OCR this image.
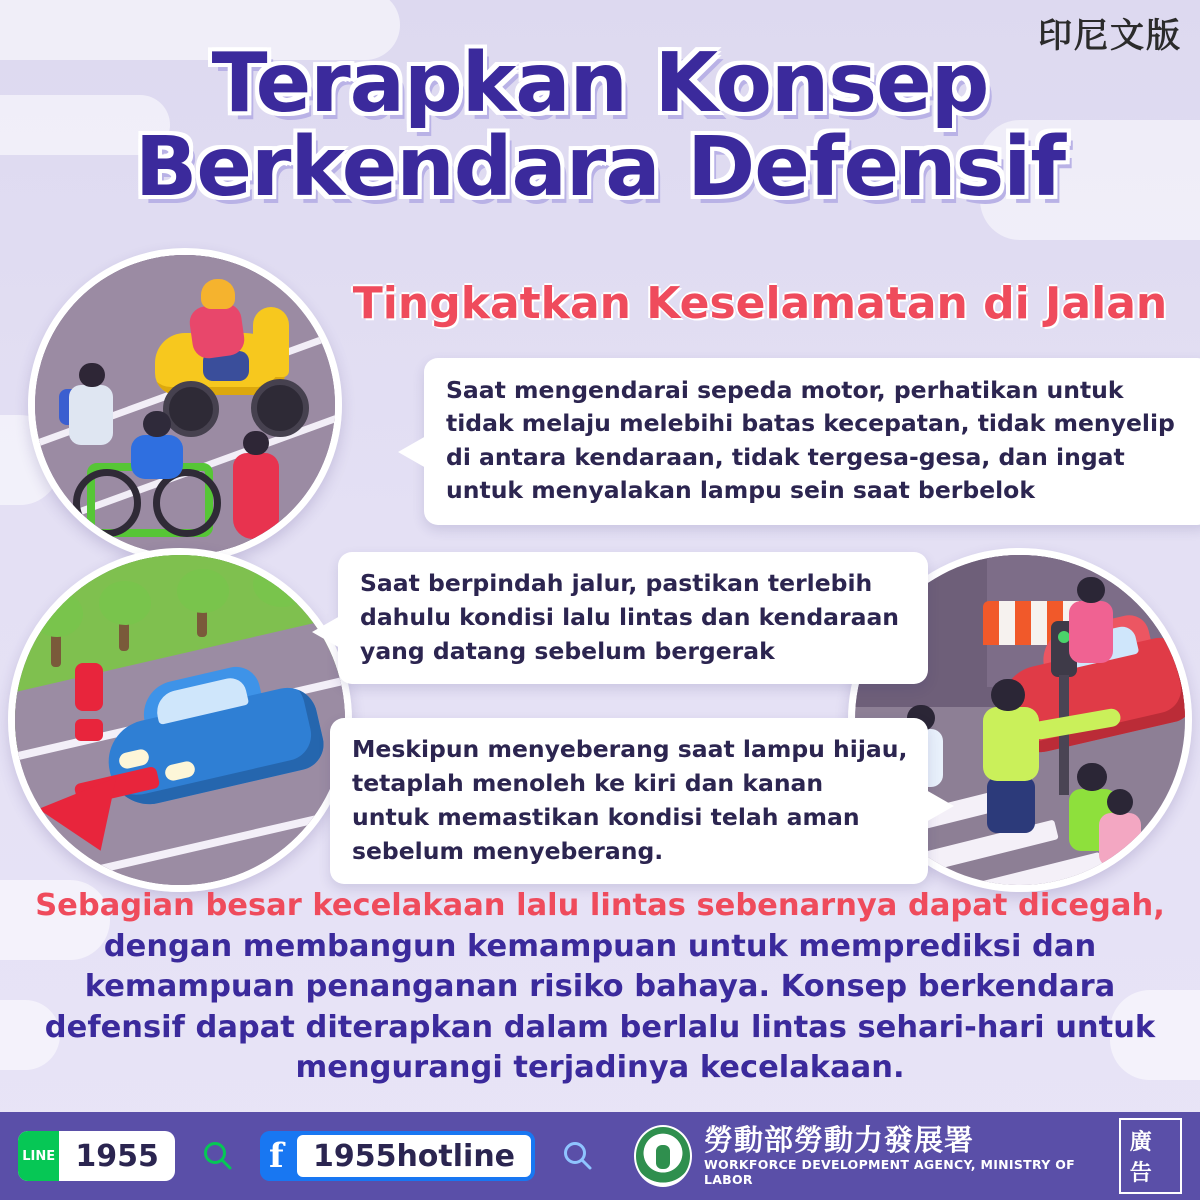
印尼文版
Terapkan Konsep
Berkendara Defensif
Tingkatkan Keselamatan di Jalan
Saat mengendarai sepeda motor, perhatikan untuk tidak melaju melebihi batas kecepatan, tidak menyelip di antara kendaraan, tidak tergesa-gesa, dan ingat untuk menyalakan lampu sein saat berbelok
Saat berpindah jalur, pastikan terlebih dahulu kondisi lalu lintas dan kendaraan yang datang sebelum bergerak
Meskipun menyeberang saat lampu hijau, tetaplah menoleh ke kiri dan kanan untuk memastikan kondisi telah aman sebelum menyeberang.
Sebagian besar kecelakaan lalu lintas sebenarnya dapat dicegah, dengan membangun kemampuan untuk memprediksi dan kemampuan penanganan risiko bahaya. Konsep berkendara defensif dapat diterapkan dalam berlalu lintas sehari-hari untuk mengurangi terjadinya kecelakaan.
LINE 1955	f 1955hotline	勞動部勞動力發展署
WORKFORCE DEVELOPMENT AGENCY, MINISTRY OF LABOR
廣告
